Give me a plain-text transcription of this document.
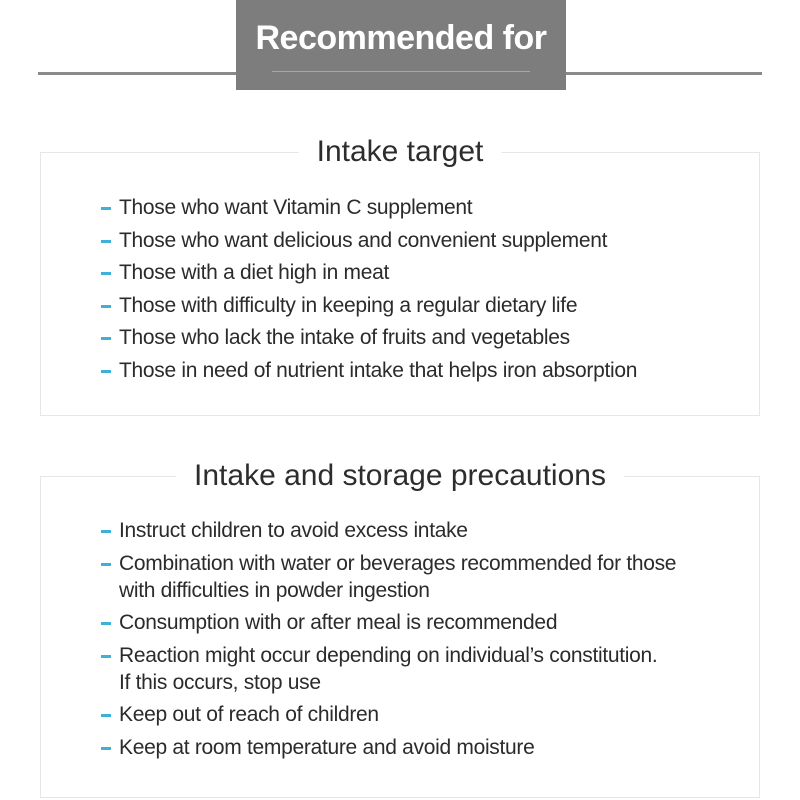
Recommended for
Intake target
Those who want Vitamin C supplement
Those who want delicious and convenient supplement
Those with a diet high in meat
Those with difficulty in keeping a regular dietary life
Those who lack the intake of fruits and vegetables
Those in need of nutrient intake that helps iron absorption
Intake and storage precautions
Instruct children to avoid excess intake
Combination with water or beverages recommended for those
with difficulties in powder ingestion
Consumption with or after meal is recommended
Reaction might occur depending on individual’s constitution.
If this occurs, stop use
Keep out of reach of children
Keep at room temperature and avoid moisture
